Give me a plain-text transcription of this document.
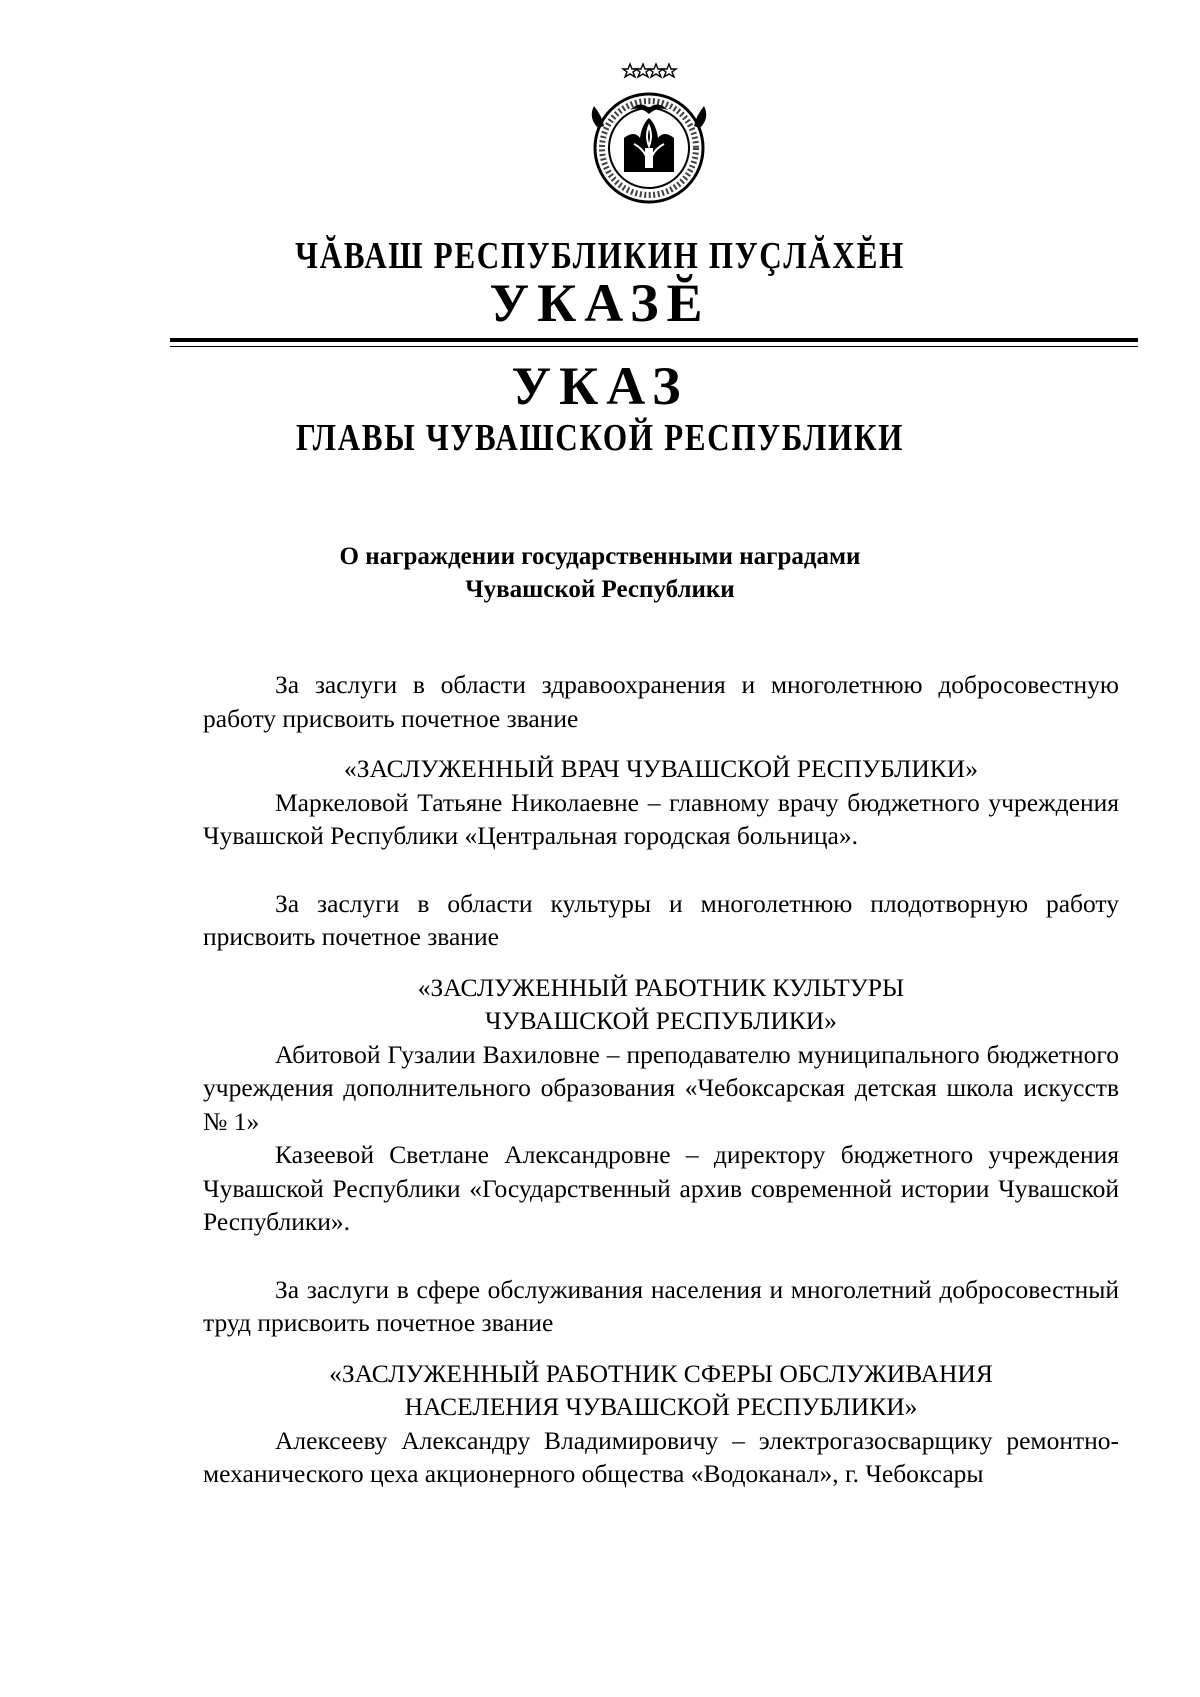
ЧĂВАШ РЕСПУБЛИКИН ПУÇЛĂХĔН
УКАЗĔ
УКАЗ
ГЛАВЫ ЧУВАШСКОЙ РЕСПУБЛИКИ
О награждении государственными наградами
Чувашской Республики

За заслуги в области здравоохранения и многолетнюю добросовестную работу присвоить почетное звание

«ЗАСЛУЖЕННЫЙ ВРАЧ ЧУВАШСКОЙ РЕСПУБЛИКИ»

Маркеловой Татьяне Николаевне – главному врачу бюджетного учреждения Чувашской Республики «Центральная городская больница».

За заслуги в области культуры и многолетнюю плодотворную работу присвоить почетное звание

«ЗАСЛУЖЕННЫЙ РАБОТНИК КУЛЬТУРЫ
ЧУВАШСКОЙ РЕСПУБЛИКИ»

Абитовой Гузалии Вахиловне – преподавателю муниципального бюджетного учреждения дополнительного образования «Чебоксарская детская школа искусств № 1»

Казеевой Светлане Александровне – директору бюджетного учреждения Чувашской Республики «Государственный архив современной истории Чувашской Республики».

За заслуги в сфере обслуживания населения и многолетний добросовестный труд присвоить почетное звание

«ЗАСЛУЖЕННЫЙ РАБОТНИК СФЕРЫ ОБСЛУЖИВАНИЯ
НАСЕЛЕНИЯ ЧУВАШСКОЙ РЕСПУБЛИКИ»

Алексееву Александру Владимировичу – электрогазосварщику ремонтно-механического цеха акционерного общества «Водоканал», г. Чебоксары
